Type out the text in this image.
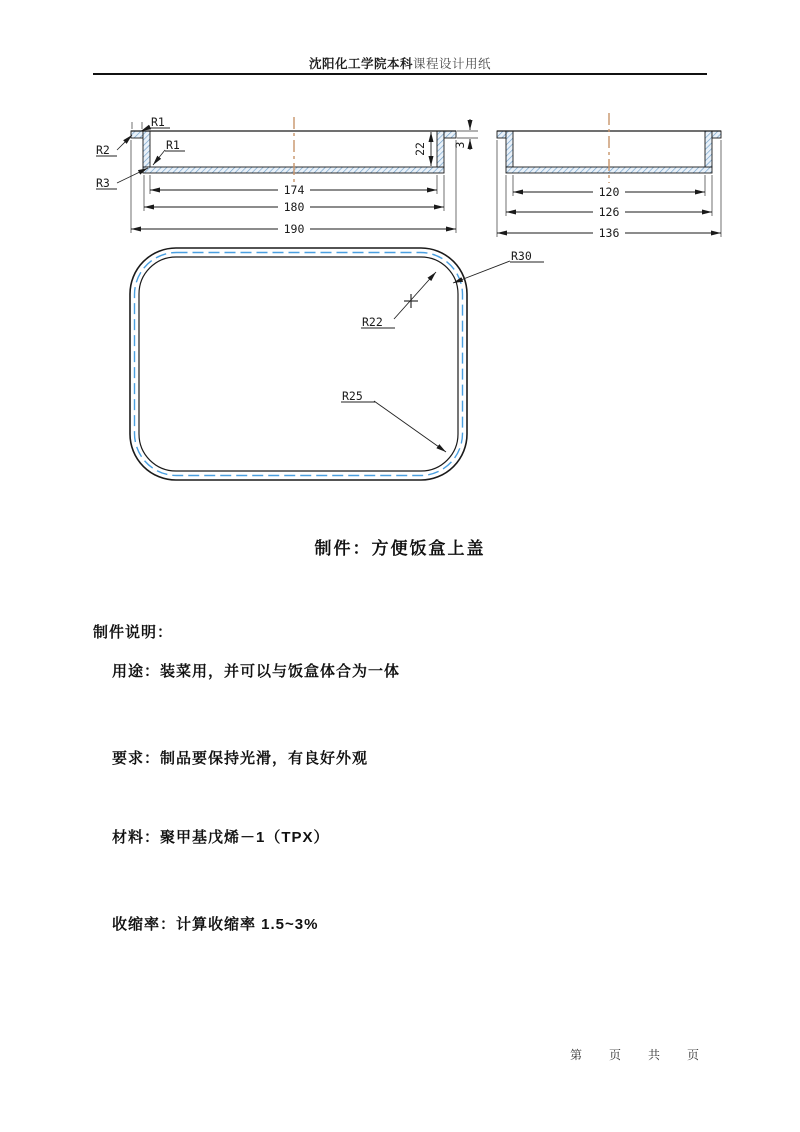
沈阳化工学院本科课程设计用纸
174
180
190
22 3
R1
R2	R1
R3
120
126
136
R30
R22
R25
制件：方便饭盒上盖
制件说明：
用途：装菜用，并可以与饭盒体合为一体
要求：制品要保持光滑，有良好外观
材料：聚甲基戊烯－1（TPX）
收缩率：计算收缩率 1.5~3%
第 页 共 页
